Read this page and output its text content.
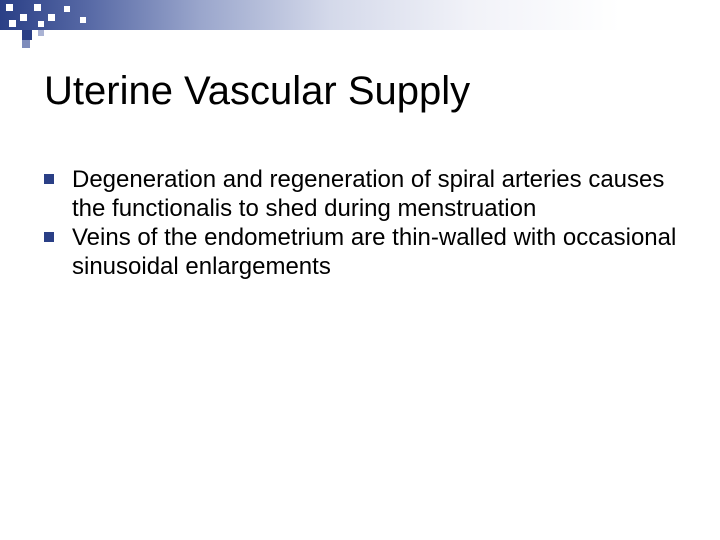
Uterine Vascular Supply
Degeneration and regeneration of spiral arteries causes the functionalis to shed during menstruation
Veins of the endometrium are thin-walled with occasional sinusoidal enlargements
